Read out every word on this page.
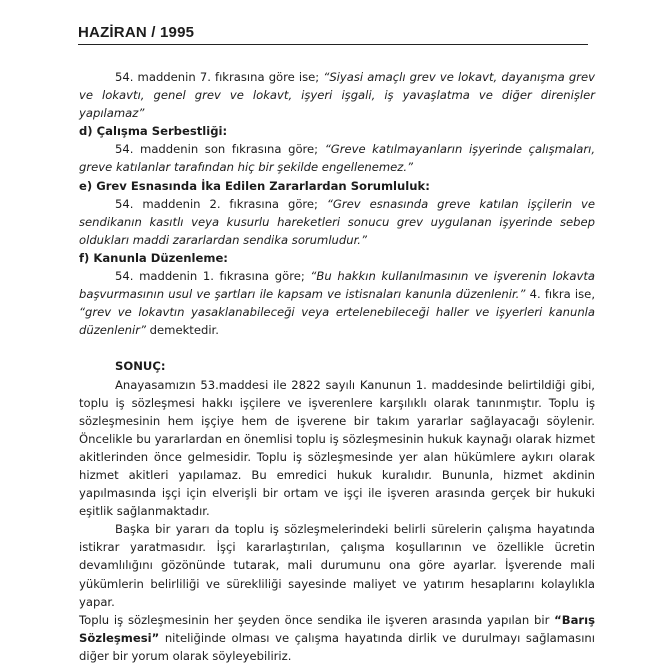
HAZİRAN / 1995

54. maddenin 7. fıkrasına göre ise; “Siyasi amaçlı grev ve lokavt, dayanışma grev ve lokavtı, genel grev ve lokavt, işyeri işgali, iş yavaşlatma ve diğer direnişler yapılamaz”

d) Çalışma Serbestliği:

54. maddenin son fıkrasına göre; “Greve katılmayanların işyerinde çalışmaları, greve katılanlar tarafından hiç bir şekilde engellenemez.”

e) Grev Esnasında İka Edilen Zararlardan Sorumluluk:

54. maddenin 2. fıkrasına göre; “Grev esnasında greve katılan işçilerin ve sendikanın kasıtlı veya kusurlu hareketleri sonucu grev uygulanan işyerinde sebep oldukları maddi zararlardan sendika sorumludur.”

f) Kanunla Düzenleme:

54. maddenin 1. fıkrasına göre; “Bu hakkın kullanılmasının ve işverenin lokavta başvurmasının usul ve şartları ile kapsam ve istisnaları kanunla düzenlenir.” 4. fıkra ise, “grev ve lokavtın yasaklanabileceği veya ertelenebileceği haller ve işyerleri kanunla düzenlenir” demektedir.

SONUÇ:

Anayasamızın 53.maddesi ile 2822 sayılı Kanunun 1. maddesinde belirtildiği gibi, toplu iş sözleşmesi hakkı işçilere ve işverenlere karşılıklı olarak tanınmıştır. Toplu iş sözleşmesinin hem işçiye hem de işverene bir takım yararlar sağlayacağı söylenir. Öncelikle bu yararlardan en önemlisi toplu iş sözleşmesinin hukuk kaynağı olarak hizmet akitlerinden önce gelmesidir. Toplu iş sözleşmesinde yer alan hükümlere aykırı olarak hizmet akitleri yapılamaz. Bu emredici hukuk kuralıdır. Bununla, hizmet akdinin yapılmasında işçi için elverişli bir ortam ve işçi ile işveren arasında gerçek bir hukuki eşitlik sağlanmaktadır.

Başka bir yararı da toplu iş sözleşmelerindeki belirli sürelerin çalışma hayatında istikrar yaratmasıdır. İşçi kararlaştırılan, çalışma koşullarının ve özellikle ücretin devamlılığını gözönünde tutarak, mali durumunu ona göre ayarlar. İşverende mali yükümlerin belirliliği ve sürekliliği sayesinde maliyet ve yatırım hesaplarını kolaylıkla yapar.

Toplu iş sözleşmesinin her şeyden önce sendika ile işveren arasında yapılan bir “Barış Sözleşmesi” niteliğinde olması ve çalışma hayatında dirlik ve durulmayı sağlamasını diğer bir yorum olarak söyleyebiliriz.
